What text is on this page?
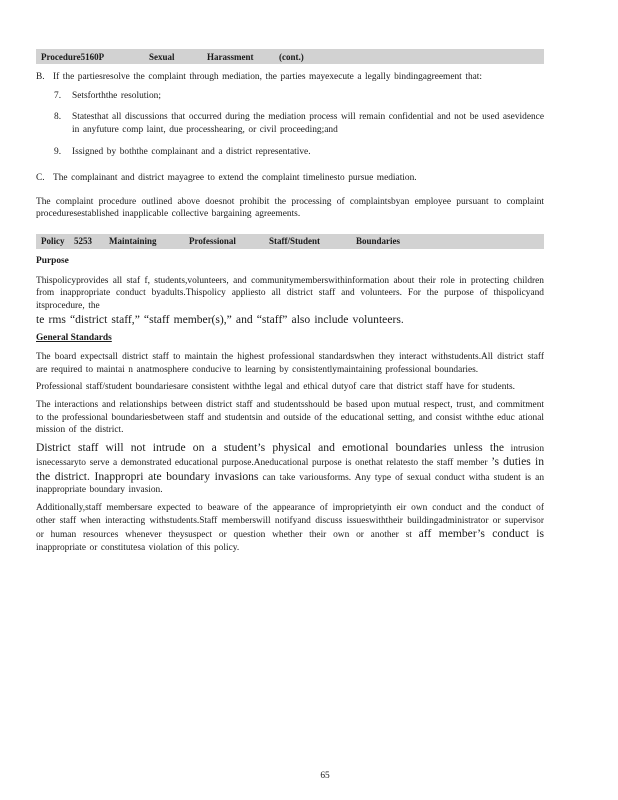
Procedure5160P	Sexual	Harassment	(cont.)
B. If the partiesresolve the complaint through mediation, the parties mayexecute a legally bindingagreement that:
7.	Setsforththe resolution;
8.	Statesthat all discussions that occurred during the mediation process will remain confidential and not be used asevidence in anyfuture comp laint, due processhearing, or civil proceeding;and
9.	Issigned by boththe complainant and a district representative.
C. The complainant and district mayagree to extend the complaint timelinesto pursue mediation.
The complaint procedure outlined above doesnot prohibit the processing of complaintsbyan employee pursuant to complaint proceduresestablished inapplicable collective bargaining agreements.
Policy	5253	Maintaining	Professional	Staff/Student	Boundaries
Purpose
Thispolicyprovides all staf f, students,volunteers, and communitymemberswithinformation about their role in protecting children from inappropriate conduct byadults.Thispolicy appliesto all district staff and volunteers. For the purpose of thispolicyand itsprocedure, the
te rms “district staff,” “staff member(s),” and “staff” also include volunteers.
General Standards
The board expectsall district staff to maintain the highest professional standardswhen they interact withstudents.All district staff are required to maintai n anatmosphere conducive to learning by consistentlymaintaining professional boundaries.
Professional staff/student boundariesare consistent withthe legal and ethical dutyof care that district staff have for students.
The interactions and relationships between district staff and studentsshould be based upon mutual respect, trust, and commitment to the professional boundariesbetween staff and studentsin and outside of the educational setting, and consist withthe educ ational mission of the district.
District staff will not intrude on a student’s physical and emotional boundaries unless the intrusion isnecessaryto serve a demonstrated educational purpose.Aneducational purpose is onethat relatesto the staff member ’s duties in the district. Inappropri ate boundary invasions can take variousforms. Any type of sexual conduct witha student is an inappropriate boundary invasion.
Additionally,staff membersare expected to beaware of the appearance of improprietyinth eir own conduct and the conduct of other staff when interacting withstudents.Staff memberswill notifyand discuss issueswiththeir buildingadministrator or supervisor or human resources whenever theysuspect or question whether their own or another st aff member’s conduct is inappropriate or constitutesa violation of this policy.
65
